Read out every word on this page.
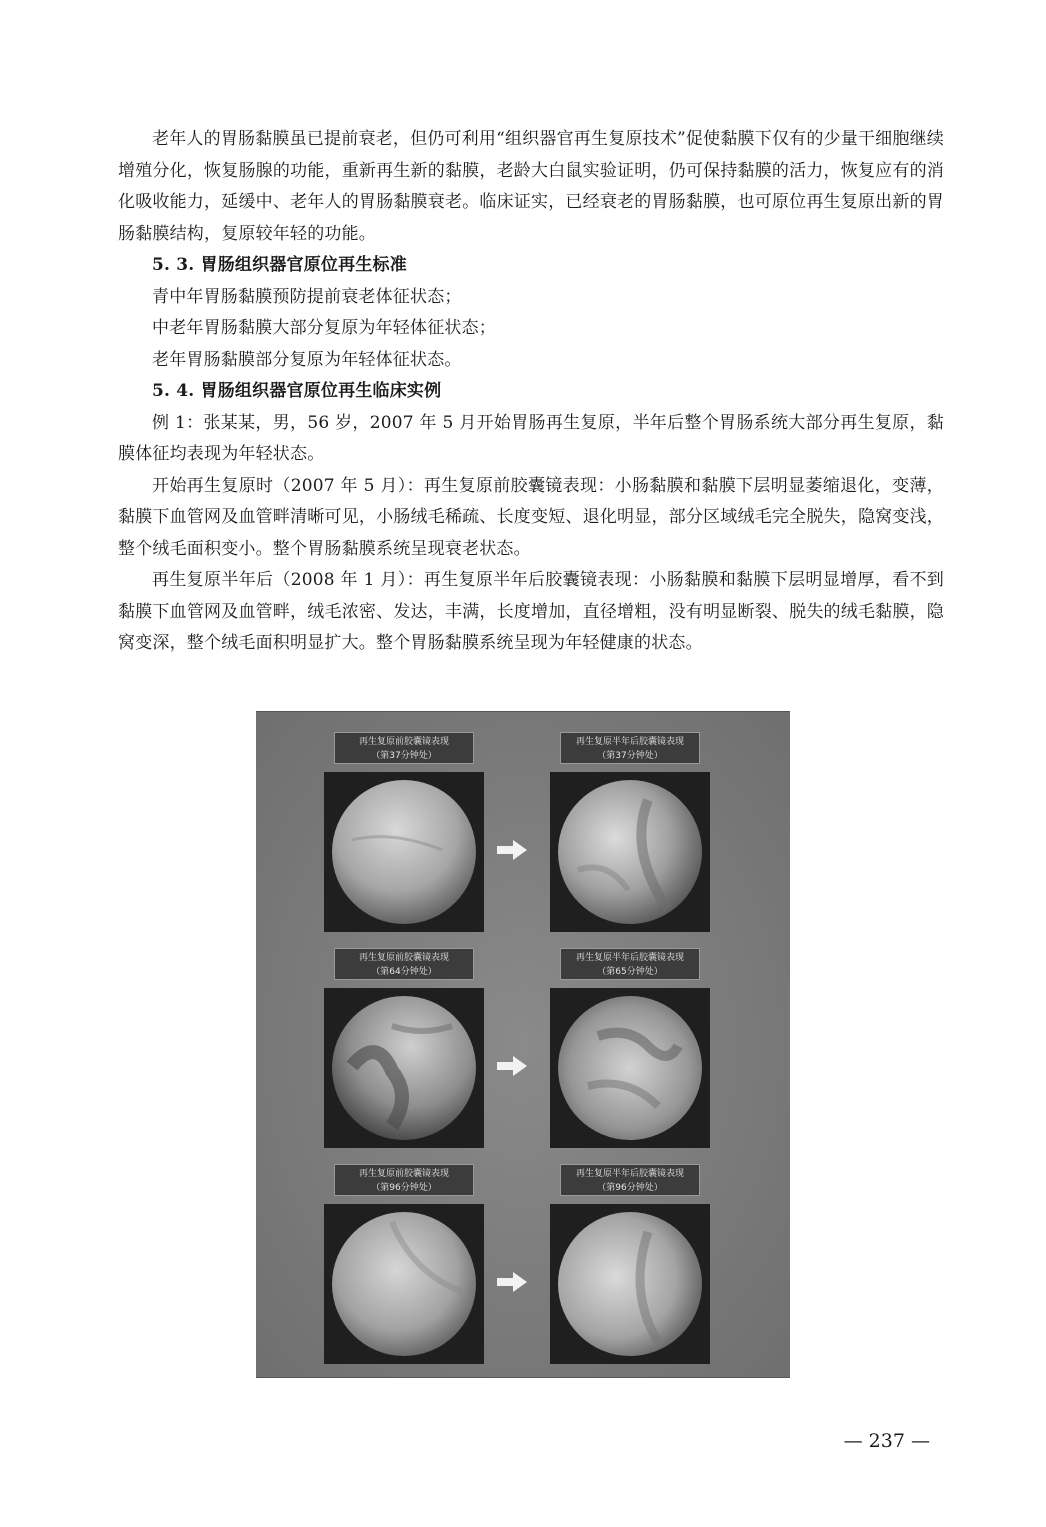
老年人的胃肠黏膜虽已提前衰老，但仍可利用“组织器官再生复原技术”促使黏膜下仅有的少量干细胞继续增殖分化，恢复肠腺的功能，重新再生新的黏膜，老龄大白鼠实验证明，仍可保持黏膜的活力，恢复应有的消化吸收能力，延缓中、老年人的胃肠黏膜衰老。临床证实，已经衰老的胃肠黏膜，也可原位再生复原出新的胃肠黏膜结构，复原较年轻的功能。

5. 3. 胃肠组织器官原位再生标准

青中年胃肠黏膜预防提前衰老体征状态；

中老年胃肠黏膜大部分复原为年轻体征状态；

老年胃肠黏膜部分复原为年轻体征状态。

5. 4. 胃肠组织器官原位再生临床实例

例 1：张某某，男，56 岁，2007 年 5 月开始胃肠再生复原，半年后整个胃肠系统大部分再生复原，黏膜体征均表现为年轻状态。

开始再生复原时（2007 年 5 月）：再生复原前胶囊镜表现：小肠黏膜和黏膜下层明显萎缩退化，变薄，黏膜下血管网及血管畔清晰可见，小肠绒毛稀疏、长度变短、退化明显，部分区域绒毛完全脱失，隐窝变浅，整个绒毛面积变小。整个胃肠黏膜系统呈现衰老状态。

再生复原半年后（2008 年 1 月）：再生复原半年后胶囊镜表现：小肠黏膜和黏膜下层明显增厚，看不到黏膜下血管网及血管畔，绒毛浓密、发达，丰满，长度增加，直径增粗，没有明显断裂、脱失的绒毛黏膜，隐窝变深，整个绒毛面积明显扩大。整个胃肠黏膜系统呈现为年轻健康的状态。

再生复原前胶囊镜表现
（第37分钟处）
再生复原半年后胶囊镜表现
（第37分钟处）
再生复原前胶囊镜表现
（第64分钟处）
再生复原半年后胶囊镜表现
（第65分钟处）
再生复原前胶囊镜表现
（第96分钟处）
再生复原半年后胶囊镜表现
（第96分钟处）
— 237 —
